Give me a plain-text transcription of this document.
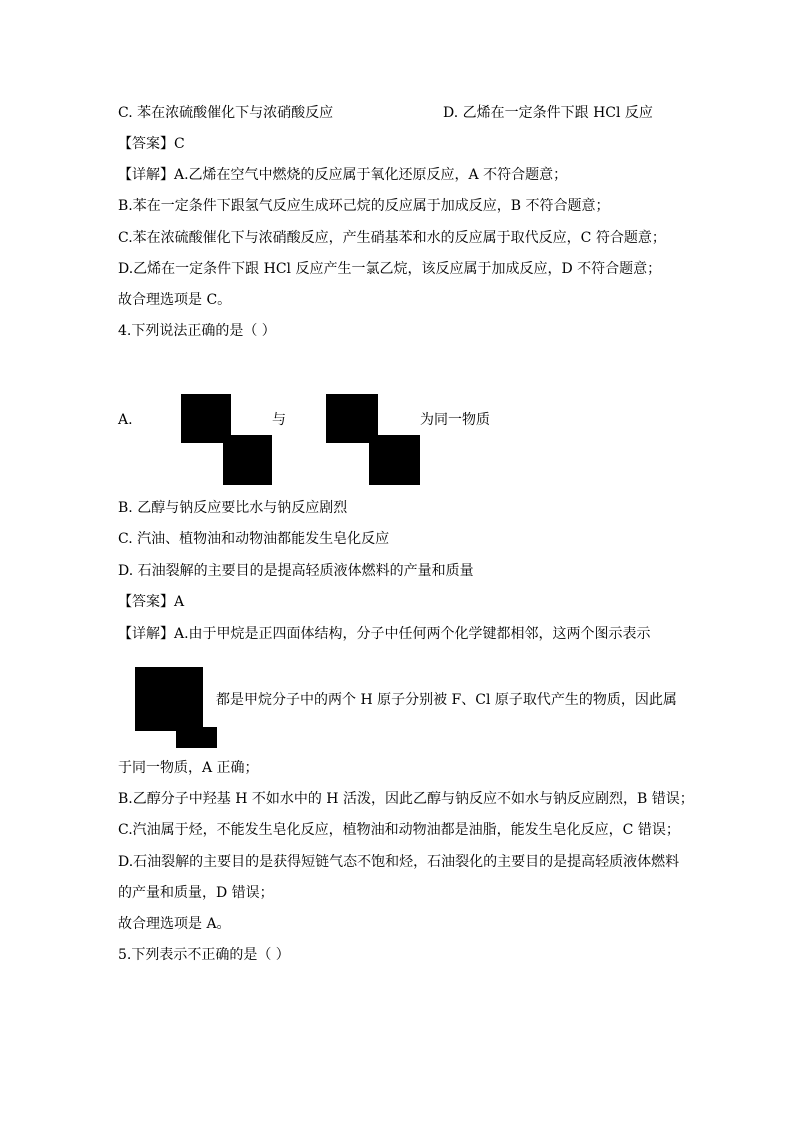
C. 苯在浓硫酸催化下与浓硝酸反应	D. 乙烯在一定条件下跟 HCl 反应
【答案】C
【详解】A.乙烯在空气中燃烧的反应属于氧化还原反应，A 不符合题意；
B.苯在一定条件下跟氢气反应生成环己烷的反应属于加成反应，B 不符合题意；
C.苯在浓硫酸催化下与浓硝酸反应，产生硝基苯和水的反应属于取代反应，C 符合题意；
D.乙烯在一定条件下跟 HCl 反应产生一氯乙烷，该反应属于加成反应，D 不符合题意；
故合理选项是 C。
4.下列说法正确的是（ ）
A.	与	为同一物质
B. 乙醇与钠反应要比水与钠反应剧烈
C. 汽油、植物油和动物油都能发生皂化反应
D. 石油裂解的主要目的是提高轻质液体燃料的产量和质量
【答案】A
【详解】A.由于甲烷是正四面体结构，分子中任何两个化学键都相邻，这两个图示表示
都是甲烷分子中的两个 H 原子分别被 F、Cl 原子取代产生的物质，因此属
于同一物质，A 正确；
B.乙醇分子中羟基 H 不如水中的 H 活泼，因此乙醇与钠反应不如水与钠反应剧烈，B 错误；
C.汽油属于烃，不能发生皂化反应，植物油和动物油都是油脂，能发生皂化反应，C 错误；
D.石油裂解的主要目的是获得短链气态不饱和烃，石油裂化的主要目的是提高轻质液体燃料
的产量和质量，D 错误；
故合理选项是 A。
5.下列表示不正确的是（ ）
